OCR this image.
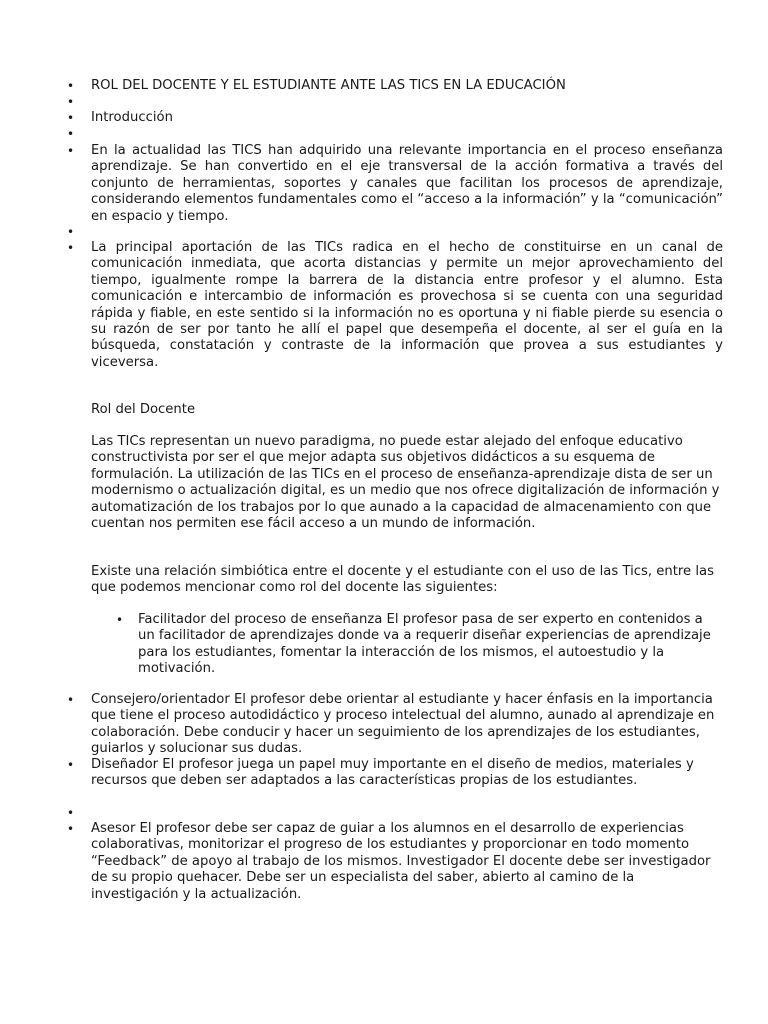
• ROL DEL DOCENTE Y EL ESTUDIANTE ANTE LAS TICS EN LA EDUCACIÓN
•
• Introducción
•
• En la actualidad las TICS han adquirido una relevante importancia en el proceso enseñanza aprendizaje. Se han convertido en el eje transversal de la acción formativa a través del conjunto de herramientas, soportes y canales que facilitan los procesos de aprendizaje, considerando elementos fundamentales como el “acceso a la información” y la “comunicación” en espacio y tiempo.
•
• La principal aportación de las TICs radica en el hecho de constituirse en un canal de comunicación inmediata, que acorta distancias y permite un mejor aprovechamiento del tiempo, igualmente rompe la barrera de la distancia entre profesor y el alumno. Esta comunicación e intercambio de información es provechosa si se cuenta con una seguridad rápida y fiable, en este sentido si la información no es oportuna y ni fiable pierde su esencia o su razón de ser por tanto he allí el papel que desempeña el docente, al ser el guía en la búsqueda, constatación y contraste de la información que provea a sus estudiantes y viceversa.

Rol del Docente

Las TICs representan un nuevo paradigma, no puede estar alejado del enfoque educativo constructivista por ser el que mejor adapta sus objetivos didácticos a su esquema de formulación. La utilización de las TICs en el proceso de enseñanza-aprendizaje dista de ser un modernismo o actualización digital, es un medio que nos ofrece digitalización de información y automatización de los trabajos por lo que aunado a la capacidad de almacenamiento con que cuentan nos permiten ese fácil acceso a un mundo de información.

Existe una relación simbiótica entre el docente y el estudiante con el uso de las Tics, entre las que podemos mencionar como rol del docente las siguientes:

• Facilitador del proceso de enseñanza El profesor pasa de ser experto en contenidos a un facilitador de aprendizajes donde va a requerir diseñar experiencias de aprendizaje para los estudiantes, fomentar la interacción de los mismos, el autoestudio y la motivación.
• Consejero/orientador El profesor debe orientar al estudiante y hacer énfasis en la importancia que tiene el proceso autodidáctico y proceso intelectual del alumno, aunado al aprendizaje en colaboración. Debe conducir y hacer un seguimiento de los aprendizajes de los estudiantes, guiarlos y solucionar sus dudas.
• Diseñador El profesor juega un papel muy importante en el diseño de medios, materiales y recursos que deben ser adaptados a las características propias de los estudiantes.
•
• Asesor El profesor debe ser capaz de guiar a los alumnos en el desarrollo de experiencias colaborativas, monitorizar el progreso de los estudiantes y proporcionar en todo momento “Feedback” de apoyo al trabajo de los mismos. Investigador El docente debe ser investigador de su propio quehacer. Debe ser un especialista del saber, abierto al camino de la investigación y la actualización.
